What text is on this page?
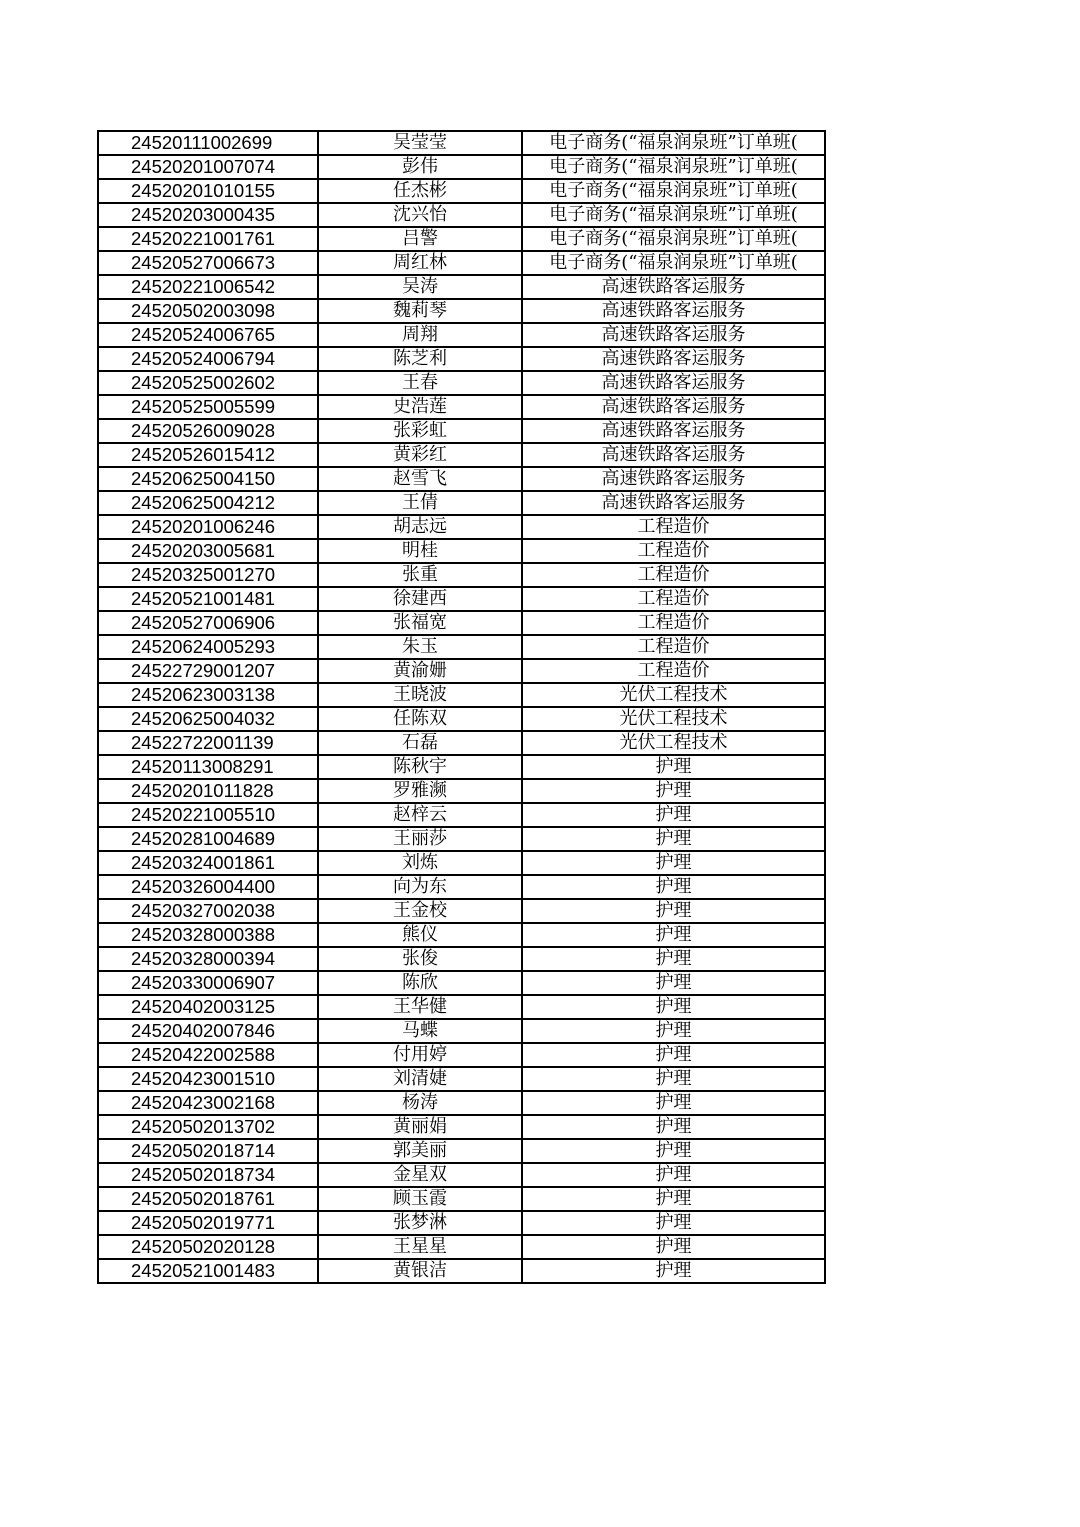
24520111002699	吴莹莹	电子商务(“福泉润泉班”订单班(
24520201007074	彭伟	电子商务(“福泉润泉班”订单班(
24520201010155	任杰彬	电子商务(“福泉润泉班”订单班(
24520203000435	沈兴怡	电子商务(“福泉润泉班”订单班(
24520221001761	吕警	电子商务(“福泉润泉班”订单班(
24520527006673	周红林	电子商务(“福泉润泉班”订单班(
24520221006542	吴涛	高速铁路客运服务
24520502003098	魏莉琴	高速铁路客运服务
24520524006765	周翔	高速铁路客运服务
24520524006794	陈芝利	高速铁路客运服务
24520525002602	王春	高速铁路客运服务
24520525005599	史浩莲	高速铁路客运服务
24520526009028	张彩虹	高速铁路客运服务
24520526015412	黄彩红	高速铁路客运服务
24520625004150	赵雪飞	高速铁路客运服务
24520625004212	王倩	高速铁路客运服务
24520201006246	胡志远	工程造价
24520203005681	明桂	工程造价
24520325001270	张重	工程造价
24520521001481	徐建西	工程造价
24520527006906	张福宽	工程造价
24520624005293	朱玉	工程造价
24522729001207	黄渝姗	工程造价
24520623003138	王晓波	光伏工程技术
24520625004032	任陈双	光伏工程技术
24522722001139	石磊	光伏工程技术
24520113008291	陈秋宇	护理
24520201011828	罗雅濒	护理
24520221005510	赵梓云	护理
24520281004689	王丽莎	护理
24520324001861	刘炼	护理
24520326004400	向为东	护理
24520327002038	王金校	护理
24520328000388	熊仪	护理
24520328000394	张俊	护理
24520330006907	陈欣	护理
24520402003125	王华健	护理
24520402007846	马蝶	护理
24520422002588	付用婷	护理
24520423001510	刘清婕	护理
24520423002168	杨涛	护理
24520502013702	黄丽娟	护理
24520502018714	郭美丽	护理
24520502018734	金星双	护理
24520502018761	顾玉霞	护理
24520502019771	张梦淋	护理
24520502020128	王星星	护理
24520521001483	黄银洁	护理
